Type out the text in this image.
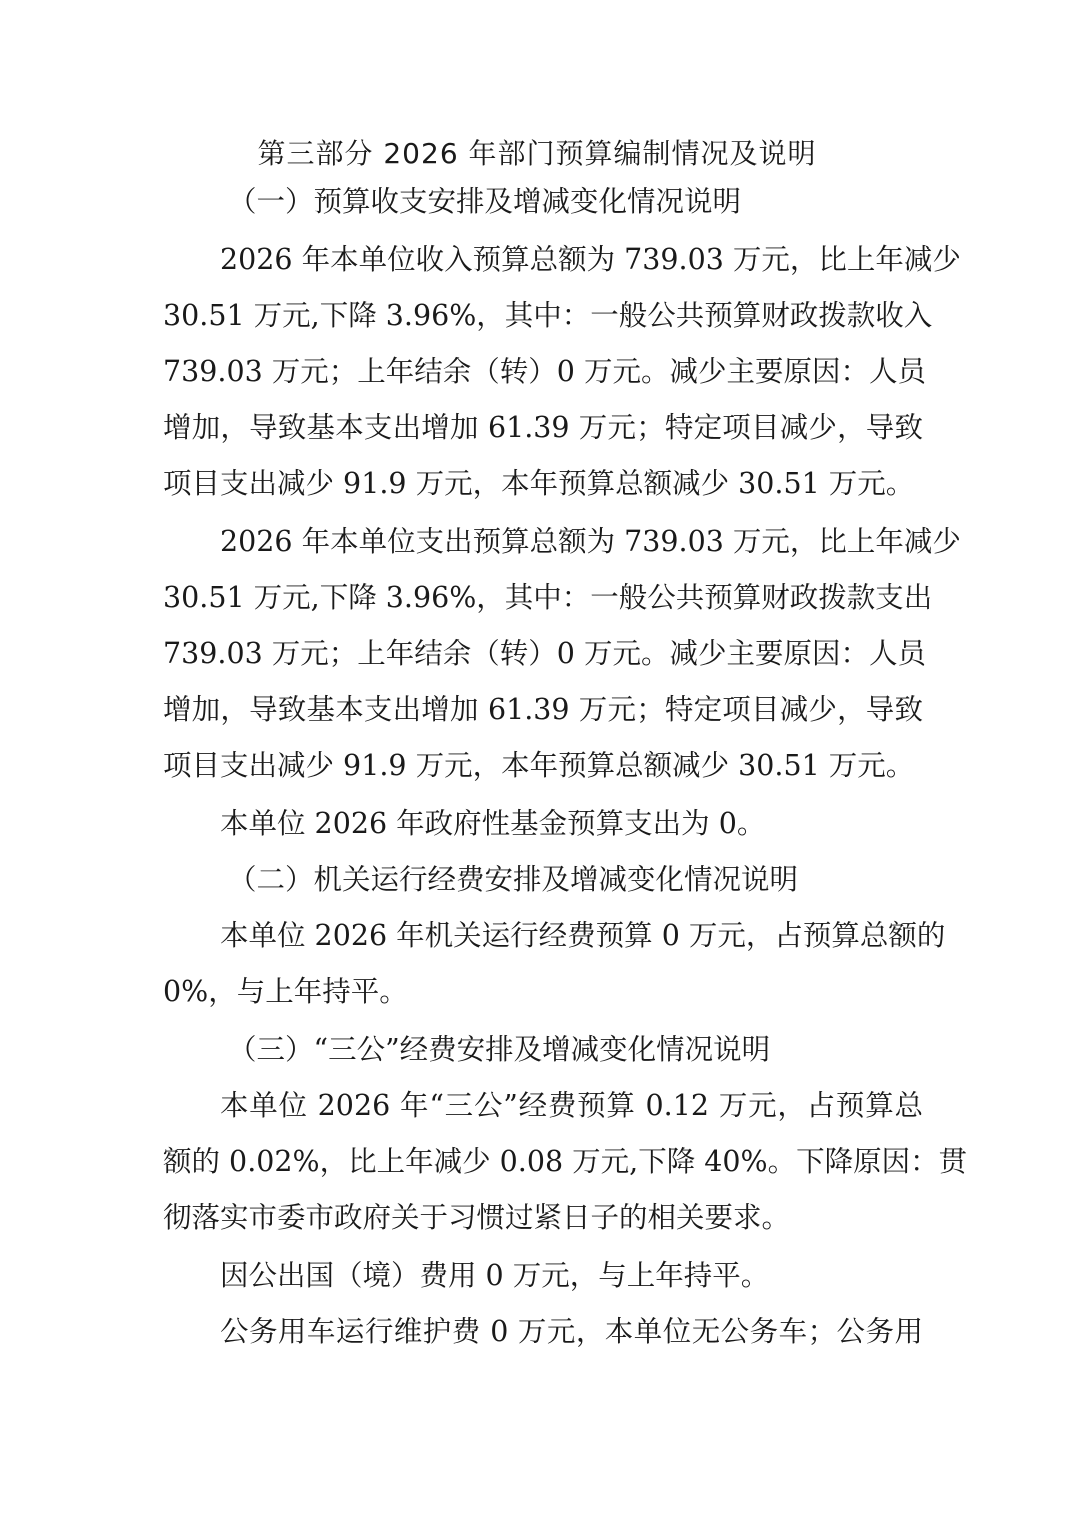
第三部分 2026 年部门预算编制情况及说明

（一）预算收支安排及增减变化情况说明

2026 年本单位收入预算总额为 739.03 万元，比上年减少

30.51 万元,下降 3.96%，其中：一般公共预算财政拨款收入

739.03 万元；上年结余（转）0 万元。减少主要原因：人员

增加，导致基本支出增加 61.39 万元；特定项目减少，导致

项目支出减少 91.9 万元，本年预算总额减少 30.51 万元。

2026 年本单位支出预算总额为 739.03 万元，比上年减少

30.51 万元,下降 3.96%，其中：一般公共预算财政拨款支出

739.03 万元；上年结余（转）0 万元。减少主要原因：人员

增加，导致基本支出增加 61.39 万元；特定项目减少，导致

项目支出减少 91.9 万元，本年预算总额减少 30.51 万元。

本单位 2026 年政府性基金预算支出为 0。

（二）机关运行经费安排及增减变化情况说明

本单位 2026 年机关运行经费预算 0 万元，占预算总额的

0%，与上年持平。

（三）“三公”经费安排及增减变化情况说明

本单位 2026 年“三公”经费预算 0.12 万元，占预算总

额的 0.02%，比上年减少 0.08 万元,下降 40%。下降原因：贯

彻落实市委市政府关于习惯过紧日子的相关要求。

因公出国（境）费用 0 万元，与上年持平。

公务用车运行维护费 0 万元，本单位无公务车；公务用
